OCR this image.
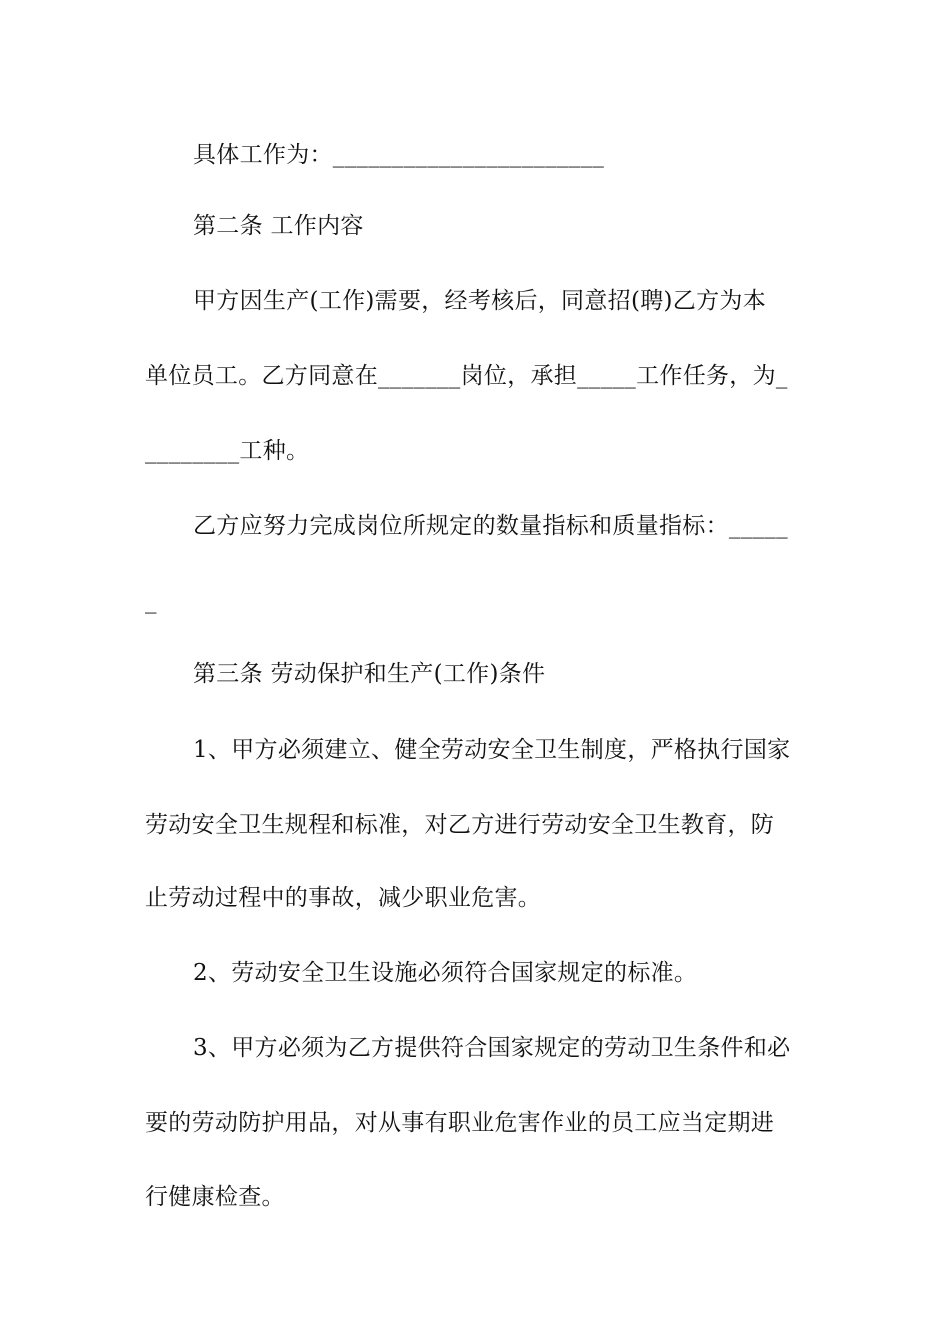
具体工作为：_______________________
第二条 工作内容
甲方因生产(工作)需要，经考核后，同意招(聘)乙方为本
单位员工。乙方同意在_______岗位，承担_____工作任务，为_
________工种。
乙方应努力完成岗位所规定的数量指标和质量指标：_____
_
第三条 劳动保护和生产(工作)条件
1、甲方必须建立、健全劳动安全卫生制度，严格执行国家
劳动安全卫生规程和标准，对乙方进行劳动安全卫生教育，防
止劳动过程中的事故，减少职业危害。
2、劳动安全卫生设施必须符合国家规定的标准。
3、甲方必须为乙方提供符合国家规定的劳动卫生条件和必
要的劳动防护用品，对从事有职业危害作业的员工应当定期进
行健康检查。
